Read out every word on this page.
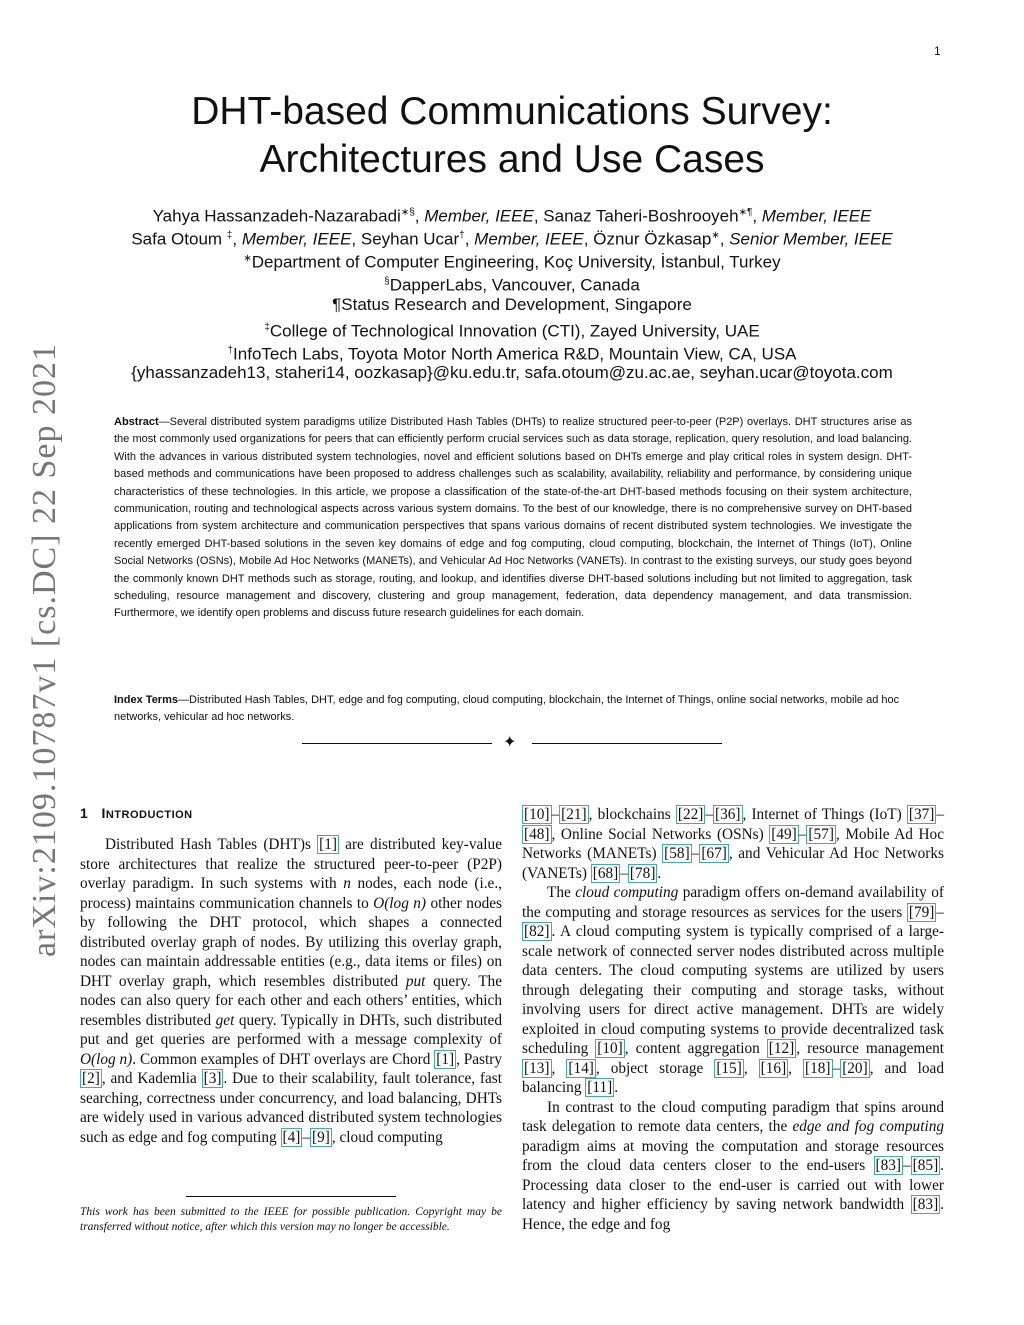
1
arXiv:2109.10787v1 [cs.DC] 22 Sep 2021
DHT-based Communications Survey:
Architectures and Use Cases
Yahya Hassanzadeh-Nazarabadi∗§, Member, IEEE, Sanaz Taheri-Boshrooyeh∗¶, Member, IEEE
Safa Otoum ‡, Member, IEEE, Seyhan Ucar†, Member, IEEE, Öznur Özkasap∗, Senior Member, IEEE
∗Department of Computer Engineering, Koç University, İstanbul, Turkey
§DapperLabs, Vancouver, Canada
¶Status Research and Development, Singapore
‡College of Technological Innovation (CTI), Zayed University, UAE
†InfoTech Labs, Toyota Motor North America R&D, Mountain View, CA, USA
{yhassanzadeh13, staheri14, oozkasap}@ku.edu.tr, safa.otoum@zu.ac.ae, seyhan.ucar@toyota.com
Abstract—Several distributed system paradigms utilize Distributed Hash Tables (DHTs) to realize structured peer-to-peer (P2P) overlays. DHT structures arise as the most commonly used organizations for peers that can efficiently perform crucial services such as data storage, replication, query resolution, and load balancing. With the advances in various distributed system technologies, novel and efficient solutions based on DHTs emerge and play critical roles in system design. DHT-based methods and communications have been proposed to address challenges such as scalability, availability, reliability and performance, by considering unique characteristics of these technologies. In this article, we propose a classification of the state-of-the-art DHT-based methods focusing on their system architecture, communication, routing and technological aspects across various system domains. To the best of our knowledge, there is no comprehensive survey on DHT-based applications from system architecture and communication perspectives that spans various domains of recent distributed system technologies. We investigate the recently emerged DHT-based solutions in the seven key domains of edge and fog computing, cloud computing, blockchain, the Internet of Things (IoT), Online Social Networks (OSNs), Mobile Ad Hoc Networks (MANETs), and Vehicular Ad Hoc Networks (VANETs). In contrast to the existing surveys, our study goes beyond the commonly known DHT methods such as storage, routing, and lookup, and identifies diverse DHT-based solutions including but not limited to aggregation, task scheduling, resource management and discovery, clustering and group management, federation, data dependency management, and data transmission. Furthermore, we identify open problems and discuss future research guidelines for each domain.
Index Terms—Distributed Hash Tables, DHT, edge and fog computing, cloud computing, blockchain, the Internet of Things, online social networks, mobile ad hoc networks, vehicular ad hoc networks.
✦
1 INTRODUCTION

Distributed Hash Tables (DHT)s [1] are distributed key-value store architectures that realize the structured peer-to-peer (P2P) overlay paradigm. In such systems with n nodes, each node (i.e., process) maintains communication channels to O(log n) other nodes by following the DHT protocol, which shapes a connected distributed overlay graph of nodes. By utilizing this overlay graph, nodes can maintain addressable entities (e.g., data items or files) on DHT overlay graph, which resembles distributed put query. The nodes can also query for each other and each others’ entities, which resembles distributed get query. Typically in DHTs, such distributed put and get queries are performed with a message complexity of O(log n). Common examples of DHT overlays are Chord [1] , Pastry [2] , and Kademlia [3] . Due to their scalability, fault tolerance, fast searching, correctness under concurrency, and load balancing, DHTs are widely used in various advanced distributed system technologies such as edge and fog computing [4] – [9] , cloud computing

[10] – [21] , blockchains [22] – [36] , Internet of Things (IoT) [37] –[48] , Online Social Networks (OSNs) [49] – [57] , Mobile Ad Hoc Networks (MANETs) [58] – [67] , and Vehicular Ad Hoc Networks (VANETs) [68] – [78] .

The cloud computing paradigm offers on-demand availability of the computing and storage resources as services for the users [79] –[82] . A cloud computing system is typically comprised of a large-scale network of connected server nodes distributed across multiple data centers. The cloud computing systems are utilized by users through delegating their computing and storage tasks, without involving users for direct active management. DHTs are widely exploited in cloud computing systems to provide decentralized task scheduling [10] , content aggregation [12] , resource management [13] , [14] , object storage [15] , [16] , [18] – [20] , and load balancing [11] .

In contrast to the cloud computing paradigm that spins around task delegation to remote data centers, the edge and fog computing paradigm aims at moving the computation and storage resources from the cloud data centers closer to the end-users [83] – [85] . Processing data closer to the end-user is carried out with lower latency and higher efficiency by saving network bandwidth [83] . Hence, the edge and fog

This work has been submitted to the IEEE for possible publication. Copyright may be transferred without notice, after which this version may no longer be accessible.
